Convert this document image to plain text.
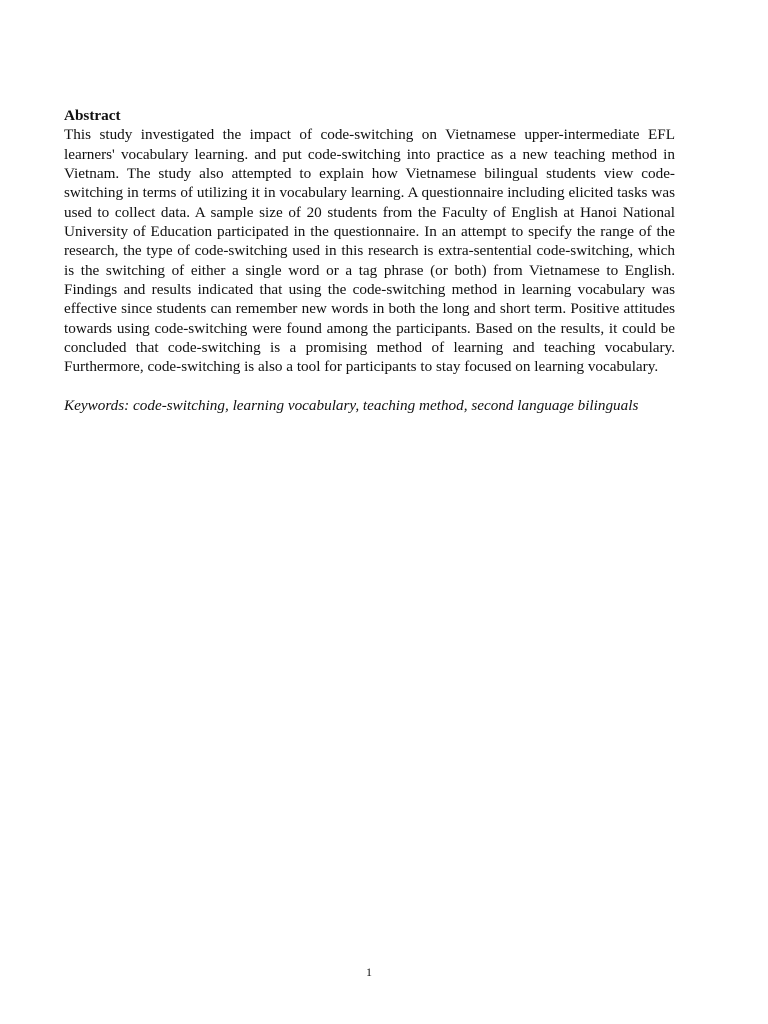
Abstract

This study investigated the impact of code-switching on Vietnamese upper-intermediate EFL learners' vocabulary learning. and put code-switching into practice as a new teaching method in Vietnam. The study also attempted to explain how Vietnamese bilingual students view code-switching in terms of utilizing it in vocabulary learning. A questionnaire including elicited tasks was used to collect data. A sample size of 20 students from the Faculty of English at Hanoi National University of Education participated in the questionnaire. In an attempt to specify the range of the research, the type of code-switching used in this research is extra-sentential code-switching, which is the switching of either a single word or a tag phrase (or both) from Vietnamese to English. Findings and results indicated that using the code-switching method in learning vocabulary was effective since students can remember new words in both the long and short term. Positive attitudes towards using code-switching were found among the participants. Based on the results, it could be concluded that code-switching is a promising method of learning and teaching vocabulary. Furthermore, code-switching is also a tool for participants to stay focused on learning vocabulary.

Keywords: code-switching, learning vocabulary, teaching method, second language bilinguals

1
